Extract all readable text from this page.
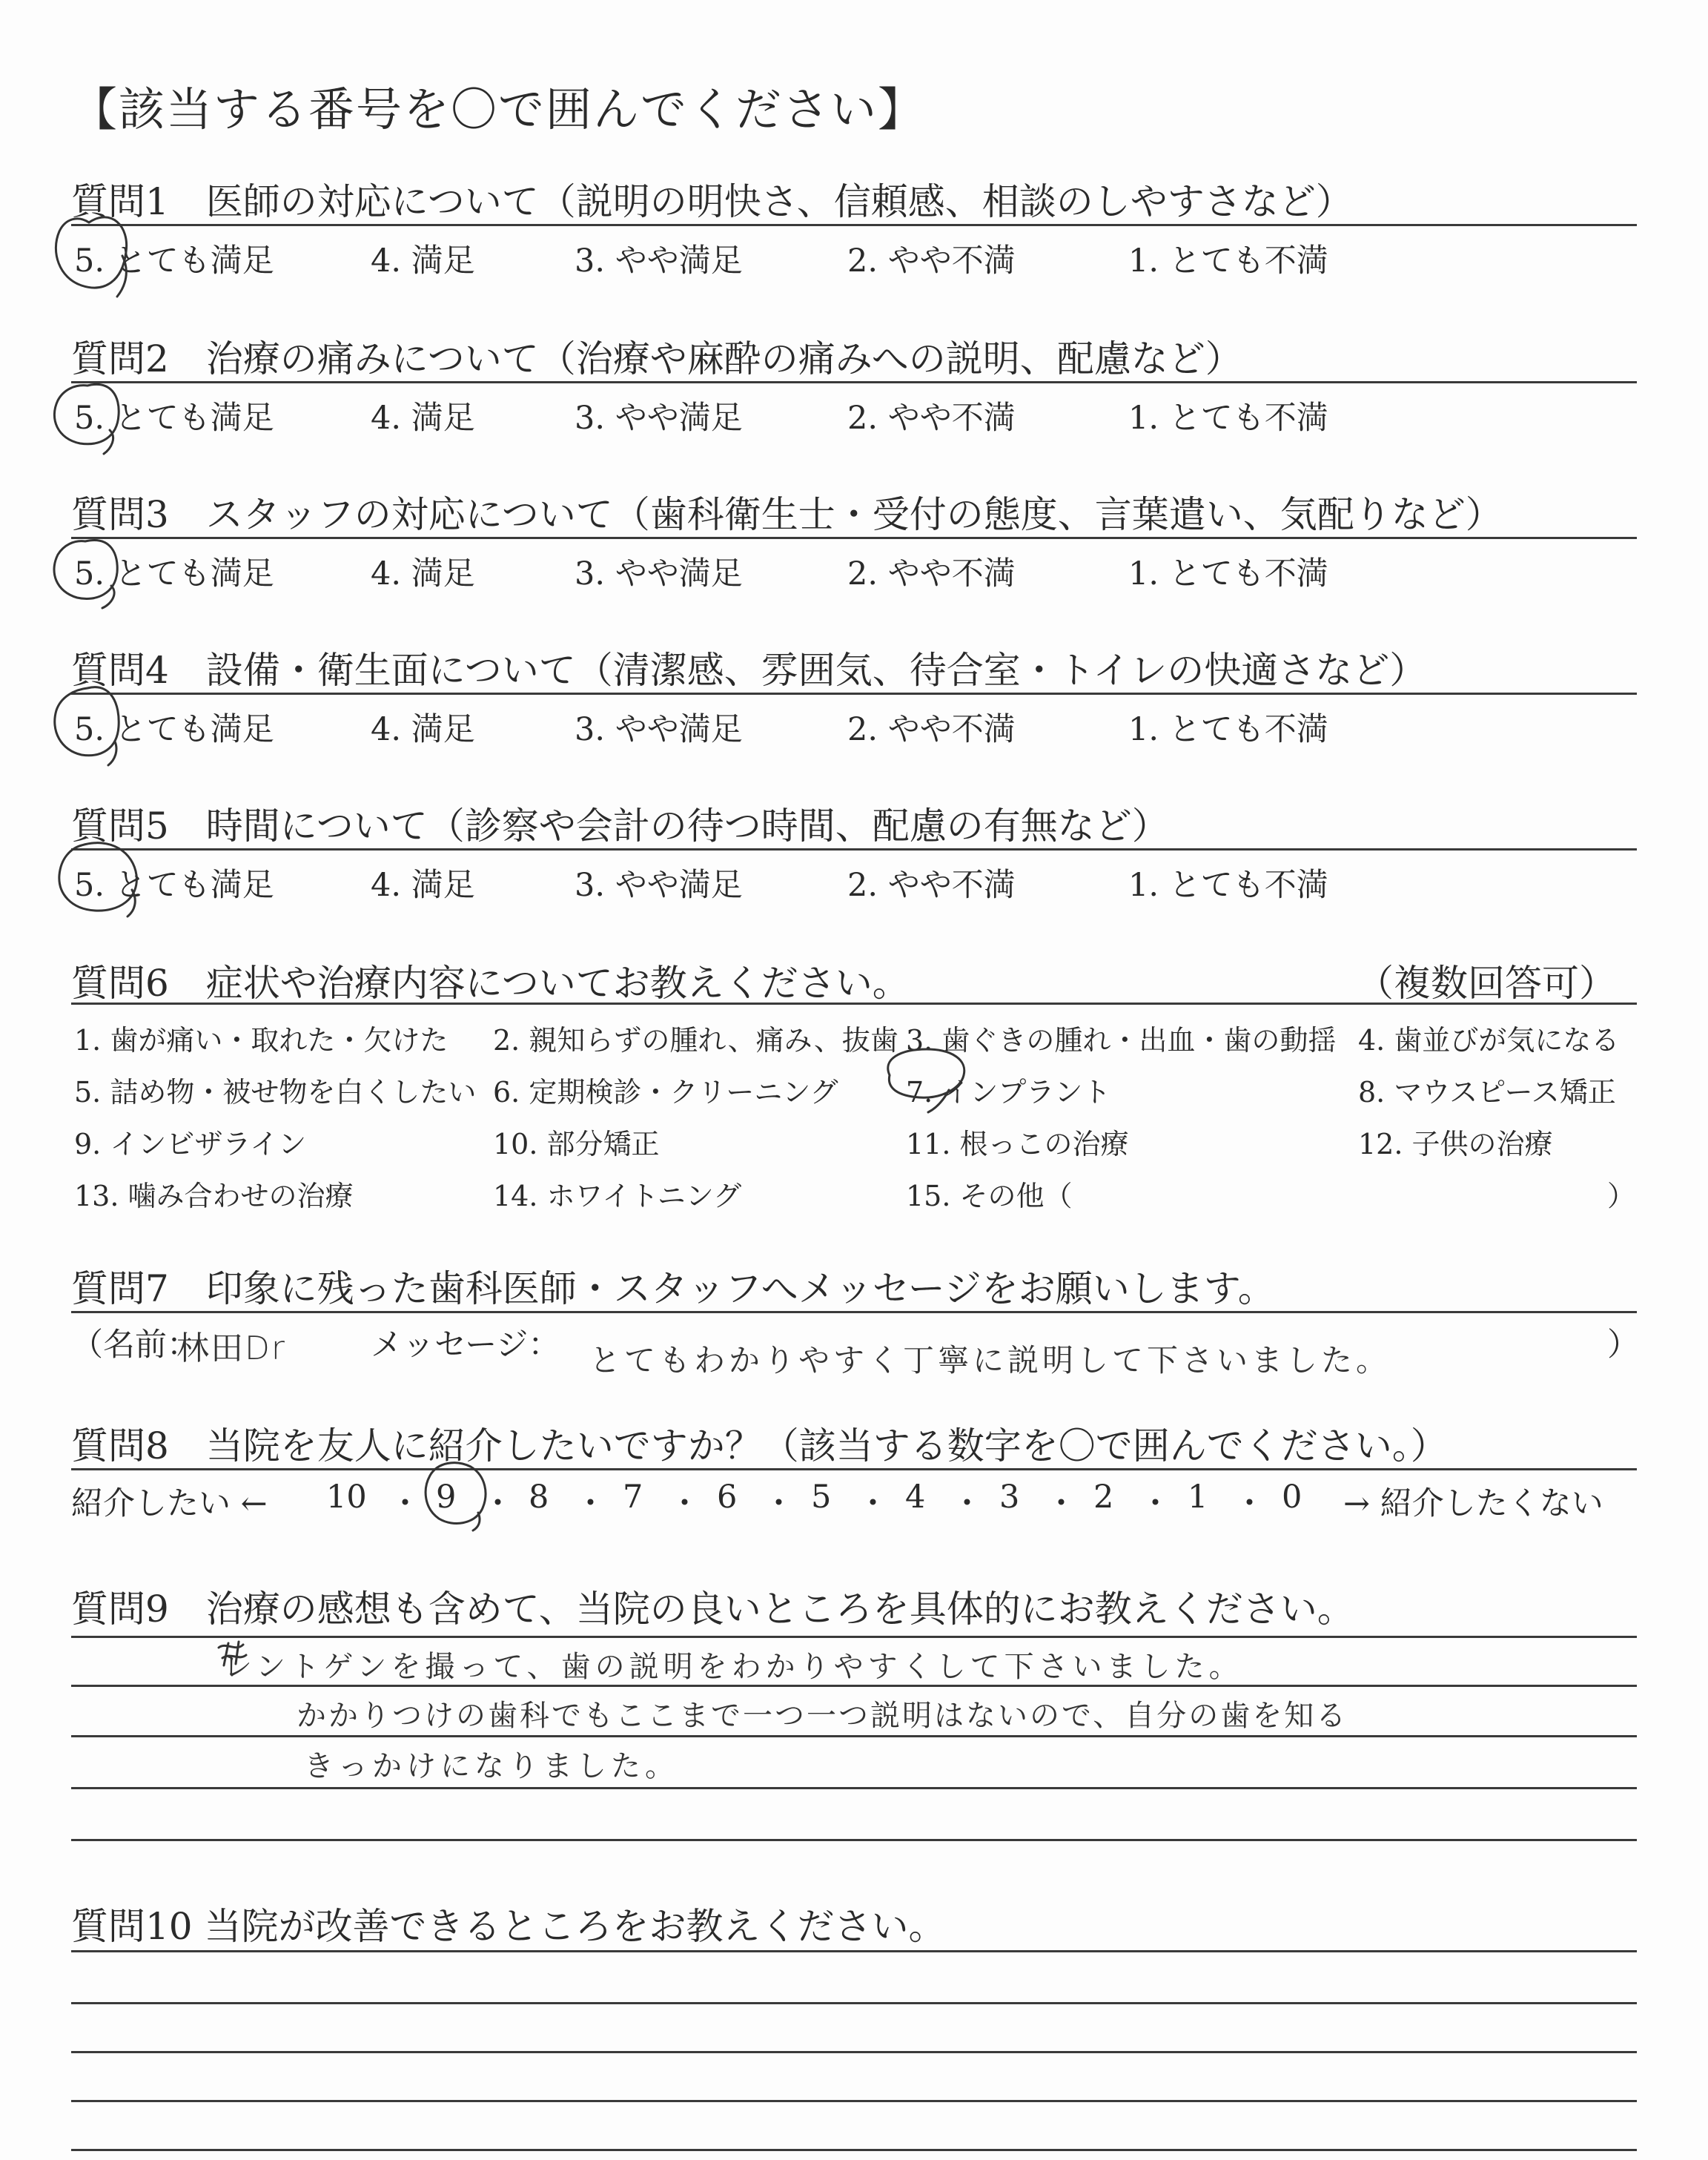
【該当する番号を〇で囲んでください】
質問1　医師の対応について（説明の明快さ、信頼感、相談のしやすさなど）
5. とても満足	4. 満足	3. やや満足	2. やや不満	1. とても不満
質問2　治療の痛みについて（治療や麻酔の痛みへの説明、配慮など）
5. とても満足	4. 満足	3. やや満足	2. やや不満	1. とても不満
質問3　スタッフの対応について（歯科衛生士・受付の態度、言葉遣い、気配りなど）
5. とても満足	4. 満足	3. やや満足	2. やや不満	1. とても不満
質問4　設備・衛生面について（清潔感、雰囲気、待合室・トイレの快適さなど）
5. とても満足	4. 満足	3. やや満足	2. やや不満	1. とても不満
質問5　時間について（診察や会計の待つ時間、配慮の有無など）
5. とても満足	4. 満足	3. やや満足	2. やや不満	1. とても不満
質問6　症状や治療内容についてお教えください。	（複数回答可）
1. 歯が痛い・取れた・欠けた 2. 親知らずの腫れ、痛み、抜歯 3. 歯ぐきの腫れ・出血・歯の動揺 4. 歯並びが気になる
5. 詰め物・被せ物を白くしたい 6. 定期検診・クリーニング 7. インプラント	8. マウスピース矯正
9. インビザライン	10. 部分矯正	11. 根っこの治療	12. 子供の治療
13. 噛み合わせの治療	14. ホワイトニング	15. その他（	）
質問7　印象に残った歯科医師・スタッフへメッセージをお願いします。
（名前：
林田Dr	メッセージ： とてもわかりやすく丁寧に説明して下さいました。	）
質問8　当院を友人に紹介したいですか？（該当する数字を〇で囲んでください。）
紹介したい ←	→ 紹介したくない
10 ・ 9 ・ 8 ・ 7 ・ 6 ・ 5 ・ 4 ・ 3 ・ 2 ・ 1 ・ 0
質問9　治療の感想も含めて、当院の良いところを具体的にお教えください。
レントゲンを撮って、歯の説明をわかりやすくして下さいました。
かかりつけの歯科でもここまで一つ一つ説明はないので、自分の歯を知る
きっかけになりました。
質問10 当院が改善できるところをお教えください。
